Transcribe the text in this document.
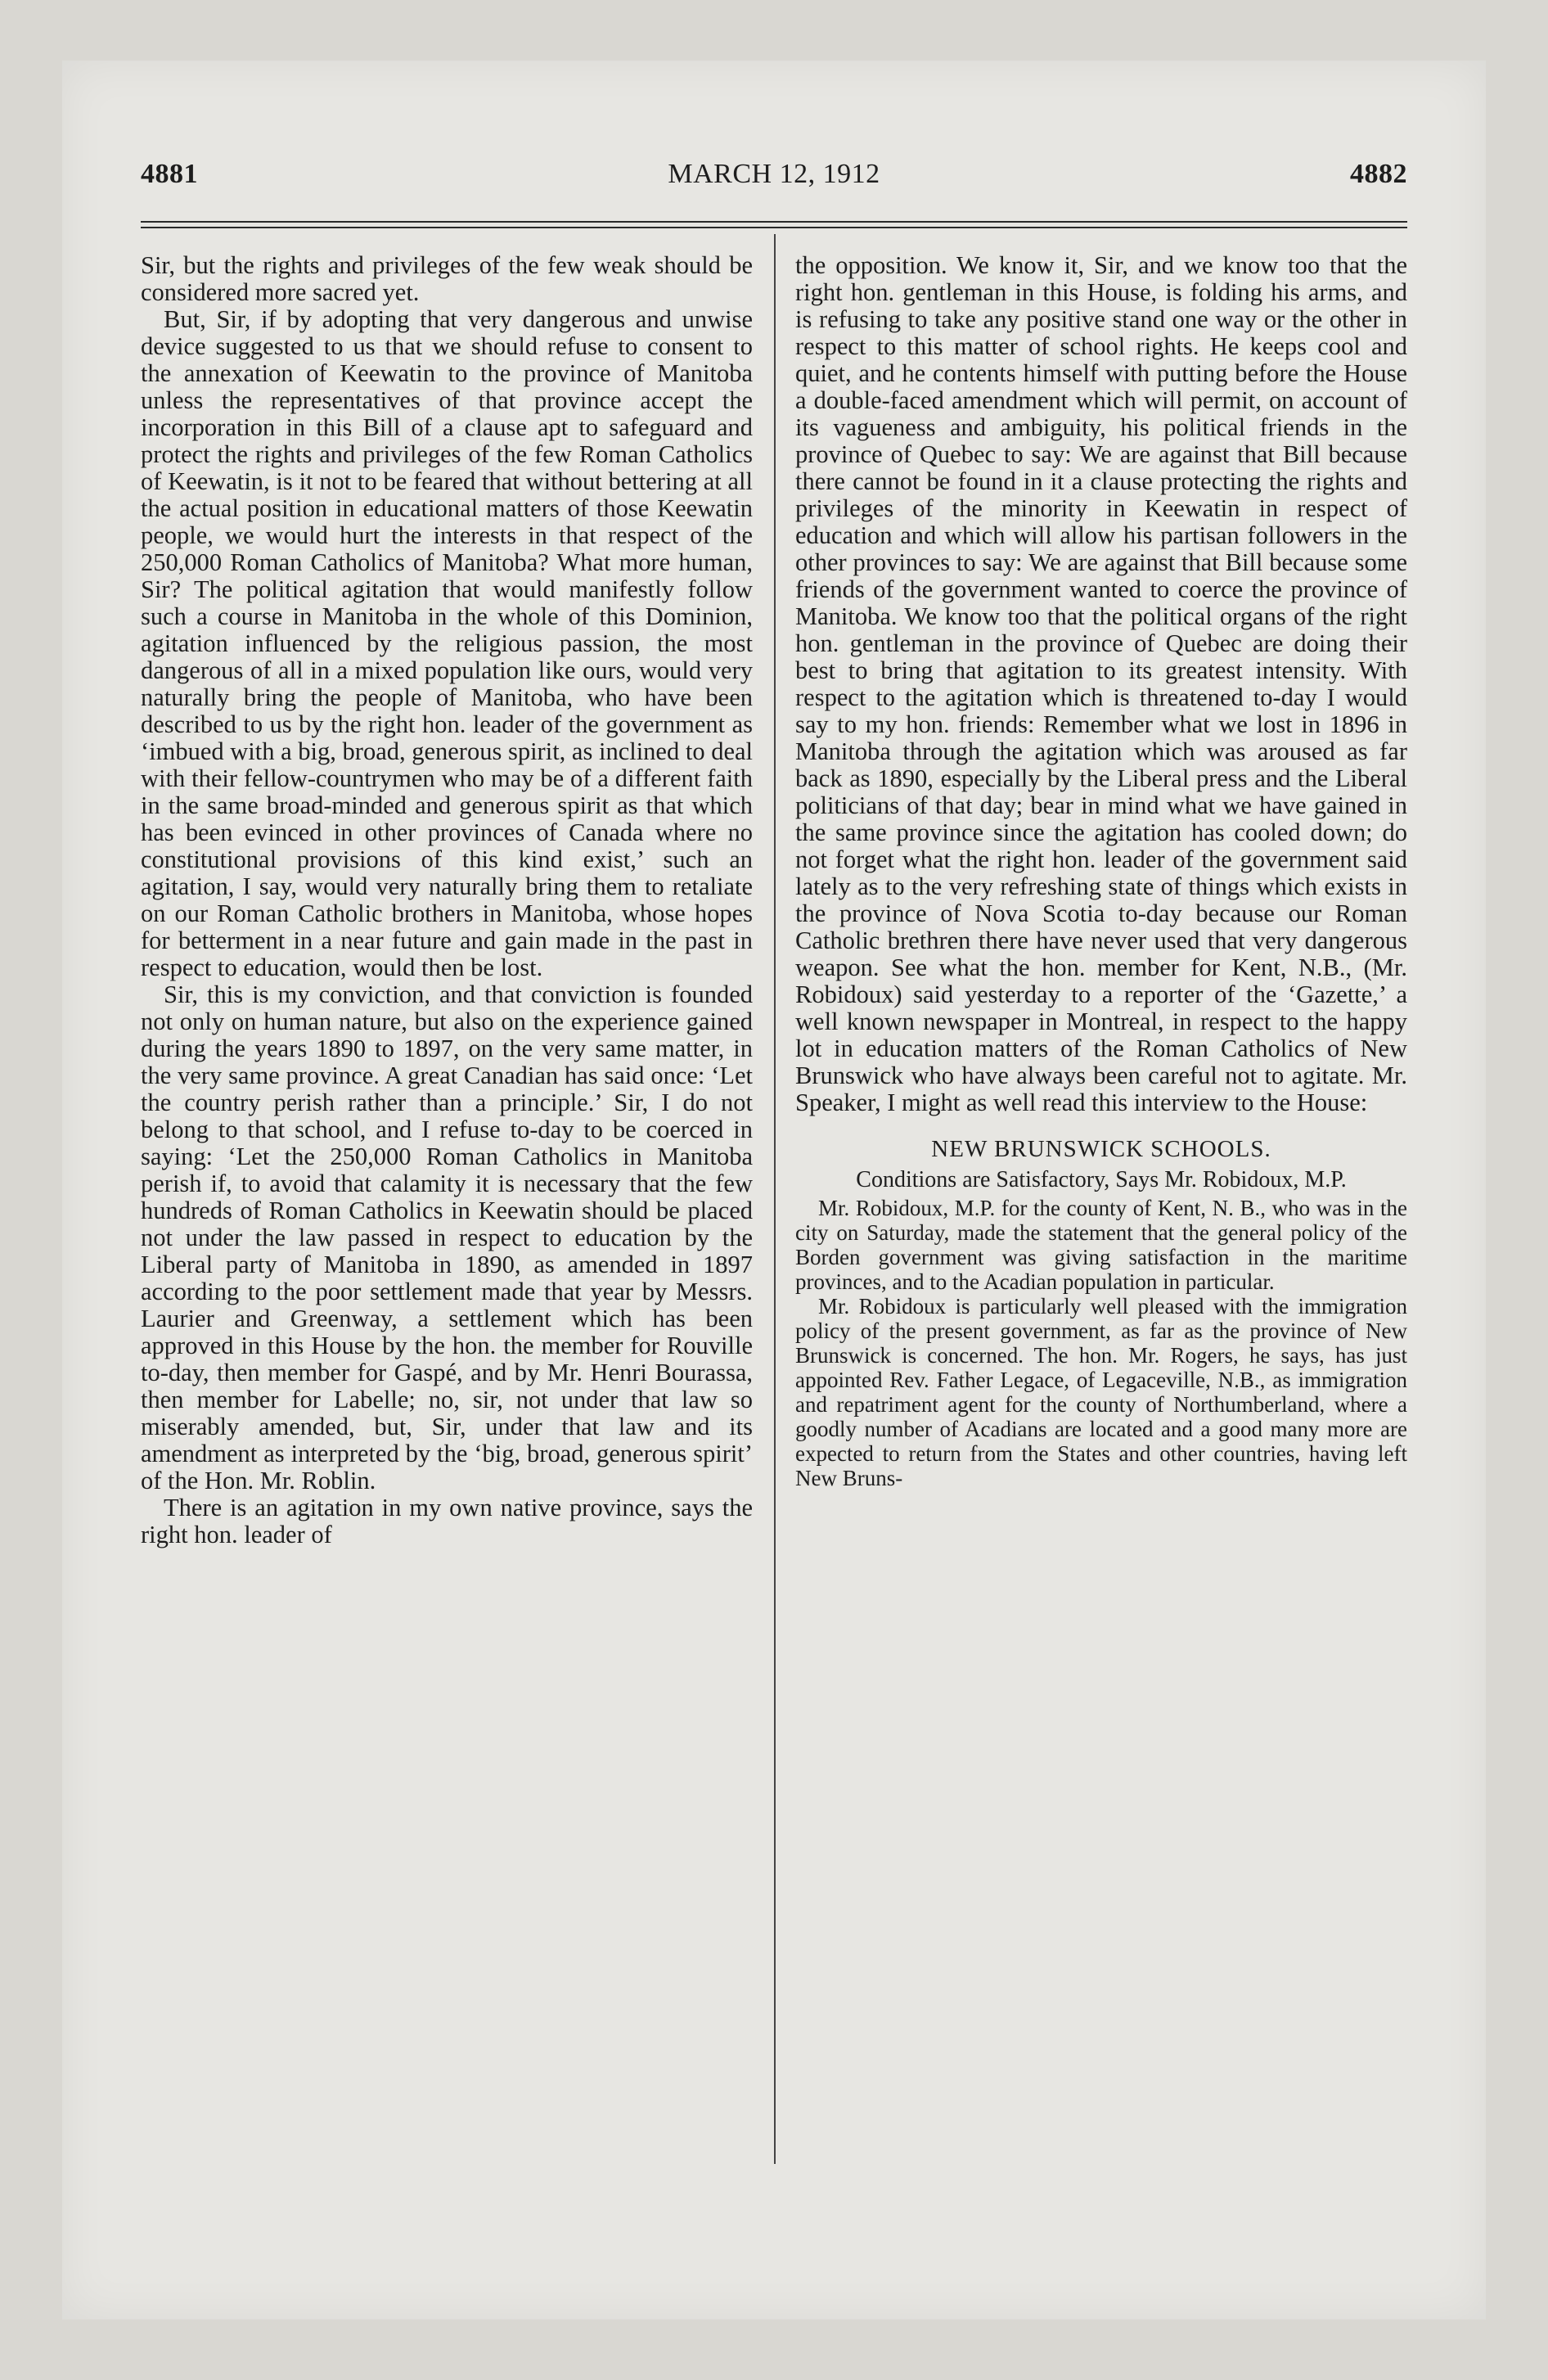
4881	MARCH 12, 1912	4882

Sir, but the rights and privileges of the few weak should be considered more sacred yet.

But, Sir, if by adopting that very dangerous and unwise device suggested to us that we should refuse to consent to the annexation of Keewatin to the province of Manitoba unless the representatives of that province accept the incorporation in this Bill of a clause apt to safeguard and protect the rights and privileges of the few Roman Catholics of Keewatin, is it not to be feared that without bettering at all the actual position in educational matters of those Keewatin people, we would hurt the interests in that respect of the 250,000 Roman Catholics of Manitoba? What more human, Sir? The political agitation that would manifestly follow such a course in Manitoba in the whole of this Dominion, agitation influenced by the religious passion, the most dangerous of all in a mixed population like ours, would very naturally bring the people of Manitoba, who have been described to us by the right hon. leader of the government as ‘imbued with a big, broad, generous spirit, as inclined to deal with their fellow-countrymen who may be of a different faith in the same broad-minded and generous spirit as that which has been evinced in other provinces of Canada where no constitutional provisions of this kind exist,’ such an agitation, I say, would very naturally bring them to retaliate on our Roman Catholic brothers in Manitoba, whose hopes for betterment in a near future and gain made in the past in respect to education, would then be lost.

Sir, this is my conviction, and that conviction is founded not only on human nature, but also on the experience gained during the years 1890 to 1897, on the very same matter, in the very same province. A great Canadian has said once: ‘Let the country perish rather than a principle.’ Sir, I do not belong to that school, and I refuse to-day to be coerced in saying: ‘Let the 250,000 Roman Catholics in Manitoba perish if, to avoid that calamity it is necessary that the few hundreds of Roman Catholics in Keewatin should be placed not under the law passed in respect to education by the Liberal party of Manitoba in 1890, as amended in 1897 according to the poor settlement made that year by Messrs. Laurier and Greenway, a settlement which has been approved in this House by the hon. the member for Rouville to-day, then member for Gaspé, and by Mr. Henri Bourassa, then member for Labelle; no, sir, not under that law so miserably amended, but, Sir, under that law and its amendment as interpreted by the ‘big, broad, generous spirit’ of the Hon. Mr. Roblin.

There is an agitation in my own native province, says the right hon. leader of

the opposition. We know it, Sir, and we know too that the right hon. gentleman in this House, is folding his arms, and is refusing to take any positive stand one way or the other in respect to this matter of school rights. He keeps cool and quiet, and he contents himself with putting before the House a double-faced amendment which will permit, on account of its vagueness and ambiguity, his political friends in the province of Quebec to say: We are against that Bill because there cannot be found in it a clause protecting the rights and privileges of the minority in Keewatin in respect of education and which will allow his partisan followers in the other provinces to say: We are against that Bill because some friends of the government wanted to coerce the province of Manitoba. We know too that the political organs of the right hon. gentleman in the province of Quebec are doing their best to bring that agitation to its greatest intensity. With respect to the agitation which is threatened to-day I would say to my hon. friends: Remember what we lost in 1896 in Manitoba through the agitation which was aroused as far back as 1890, especially by the Liberal press and the Liberal politicians of that day; bear in mind what we have gained in the same province since the agitation has cooled down; do not forget what the right hon. leader of the government said lately as to the very refreshing state of things which exists in the province of Nova Scotia to-day because our Roman Catholic brethren there have never used that very dangerous weapon. See what the hon. member for Kent, N.B., (Mr. Robidoux) said yesterday to a reporter of the ‘Gazette,’ a well known newspaper in Montreal, in respect to the happy lot in education matters of the Roman Catholics of New Brunswick who have always been careful not to agitate. Mr. Speaker, I might as well read this interview to the House:

NEW BRUNSWICK SCHOOLS.

Conditions are Satisfactory, Says Mr. Robidoux, M.P.

Mr. Robidoux, M.P. for the county of Kent, N. B., who was in the city on Saturday, made the statement that the general policy of the Borden government was giving satisfaction in the maritime provinces, and to the Acadian population in particular.

Mr. Robidoux is particularly well pleased with the immigration policy of the present government, as far as the province of New Brunswick is concerned. The hon. Mr. Rogers, he says, has just appointed Rev. Father Legace, of Legaceville, N.B., as immigration and repatriment agent for the county of Northumberland, where a goodly number of Acadians are located and a good many more are expected to return from the States and other countries, having left New Bruns-
